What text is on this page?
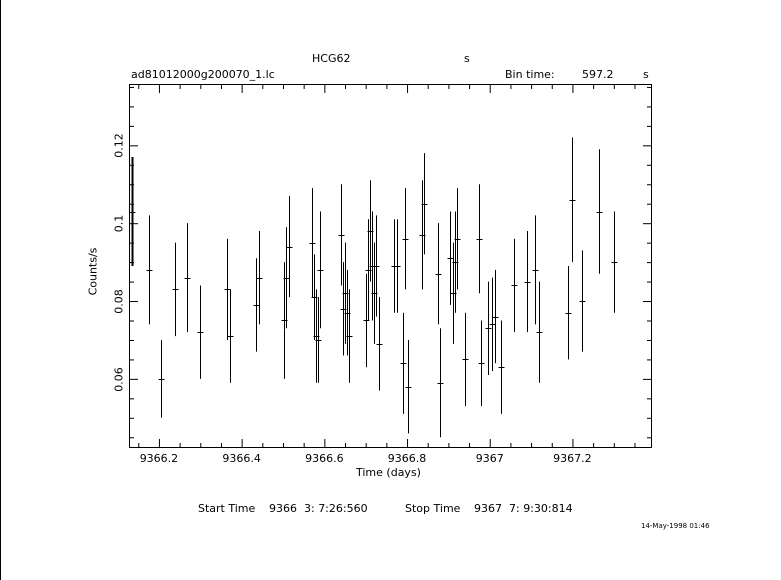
HCG62	s
ad81012000g200070_1.lc	Bin time: 597.2	s
9366.2	9366.4	9366.6	9366.8	9367	9367.2
0.06
0.08
0.1
0.12
Time (days)
Counts/s
Start Time 9366  3: 7:26:560	Stop Time 9367  7: 9:30:814
14-May-1998 01:46
